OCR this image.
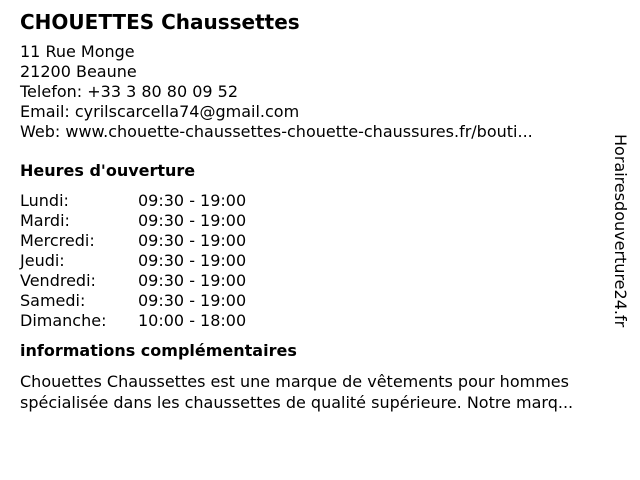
CHOUETTES Chaussettes
11 Rue Monge
21200 Beaune
Telefon: +33 3 80 80 09 52
Email: cyrilscarcella74@gmail.com
Web: www.chouette-chaussettes-chouette-chaussures.fr/bouti...
Heures d'ouverture
Lundi:	09:30 - 19:00
Mardi:	09:30 - 19:00
Mercredi:	09:30 - 19:00
Jeudi:	09:30 - 19:00
Vendredi:	09:30 - 19:00
Samedi:	09:30 - 19:00
Dimanche:	10:00 - 18:00
informations complémentaires
Chouettes Chaussettes est une marque de vêtements pour hommes
spécialisée dans les chaussettes de qualité supérieure. Notre marq...
Horairesdouverture24.fr
